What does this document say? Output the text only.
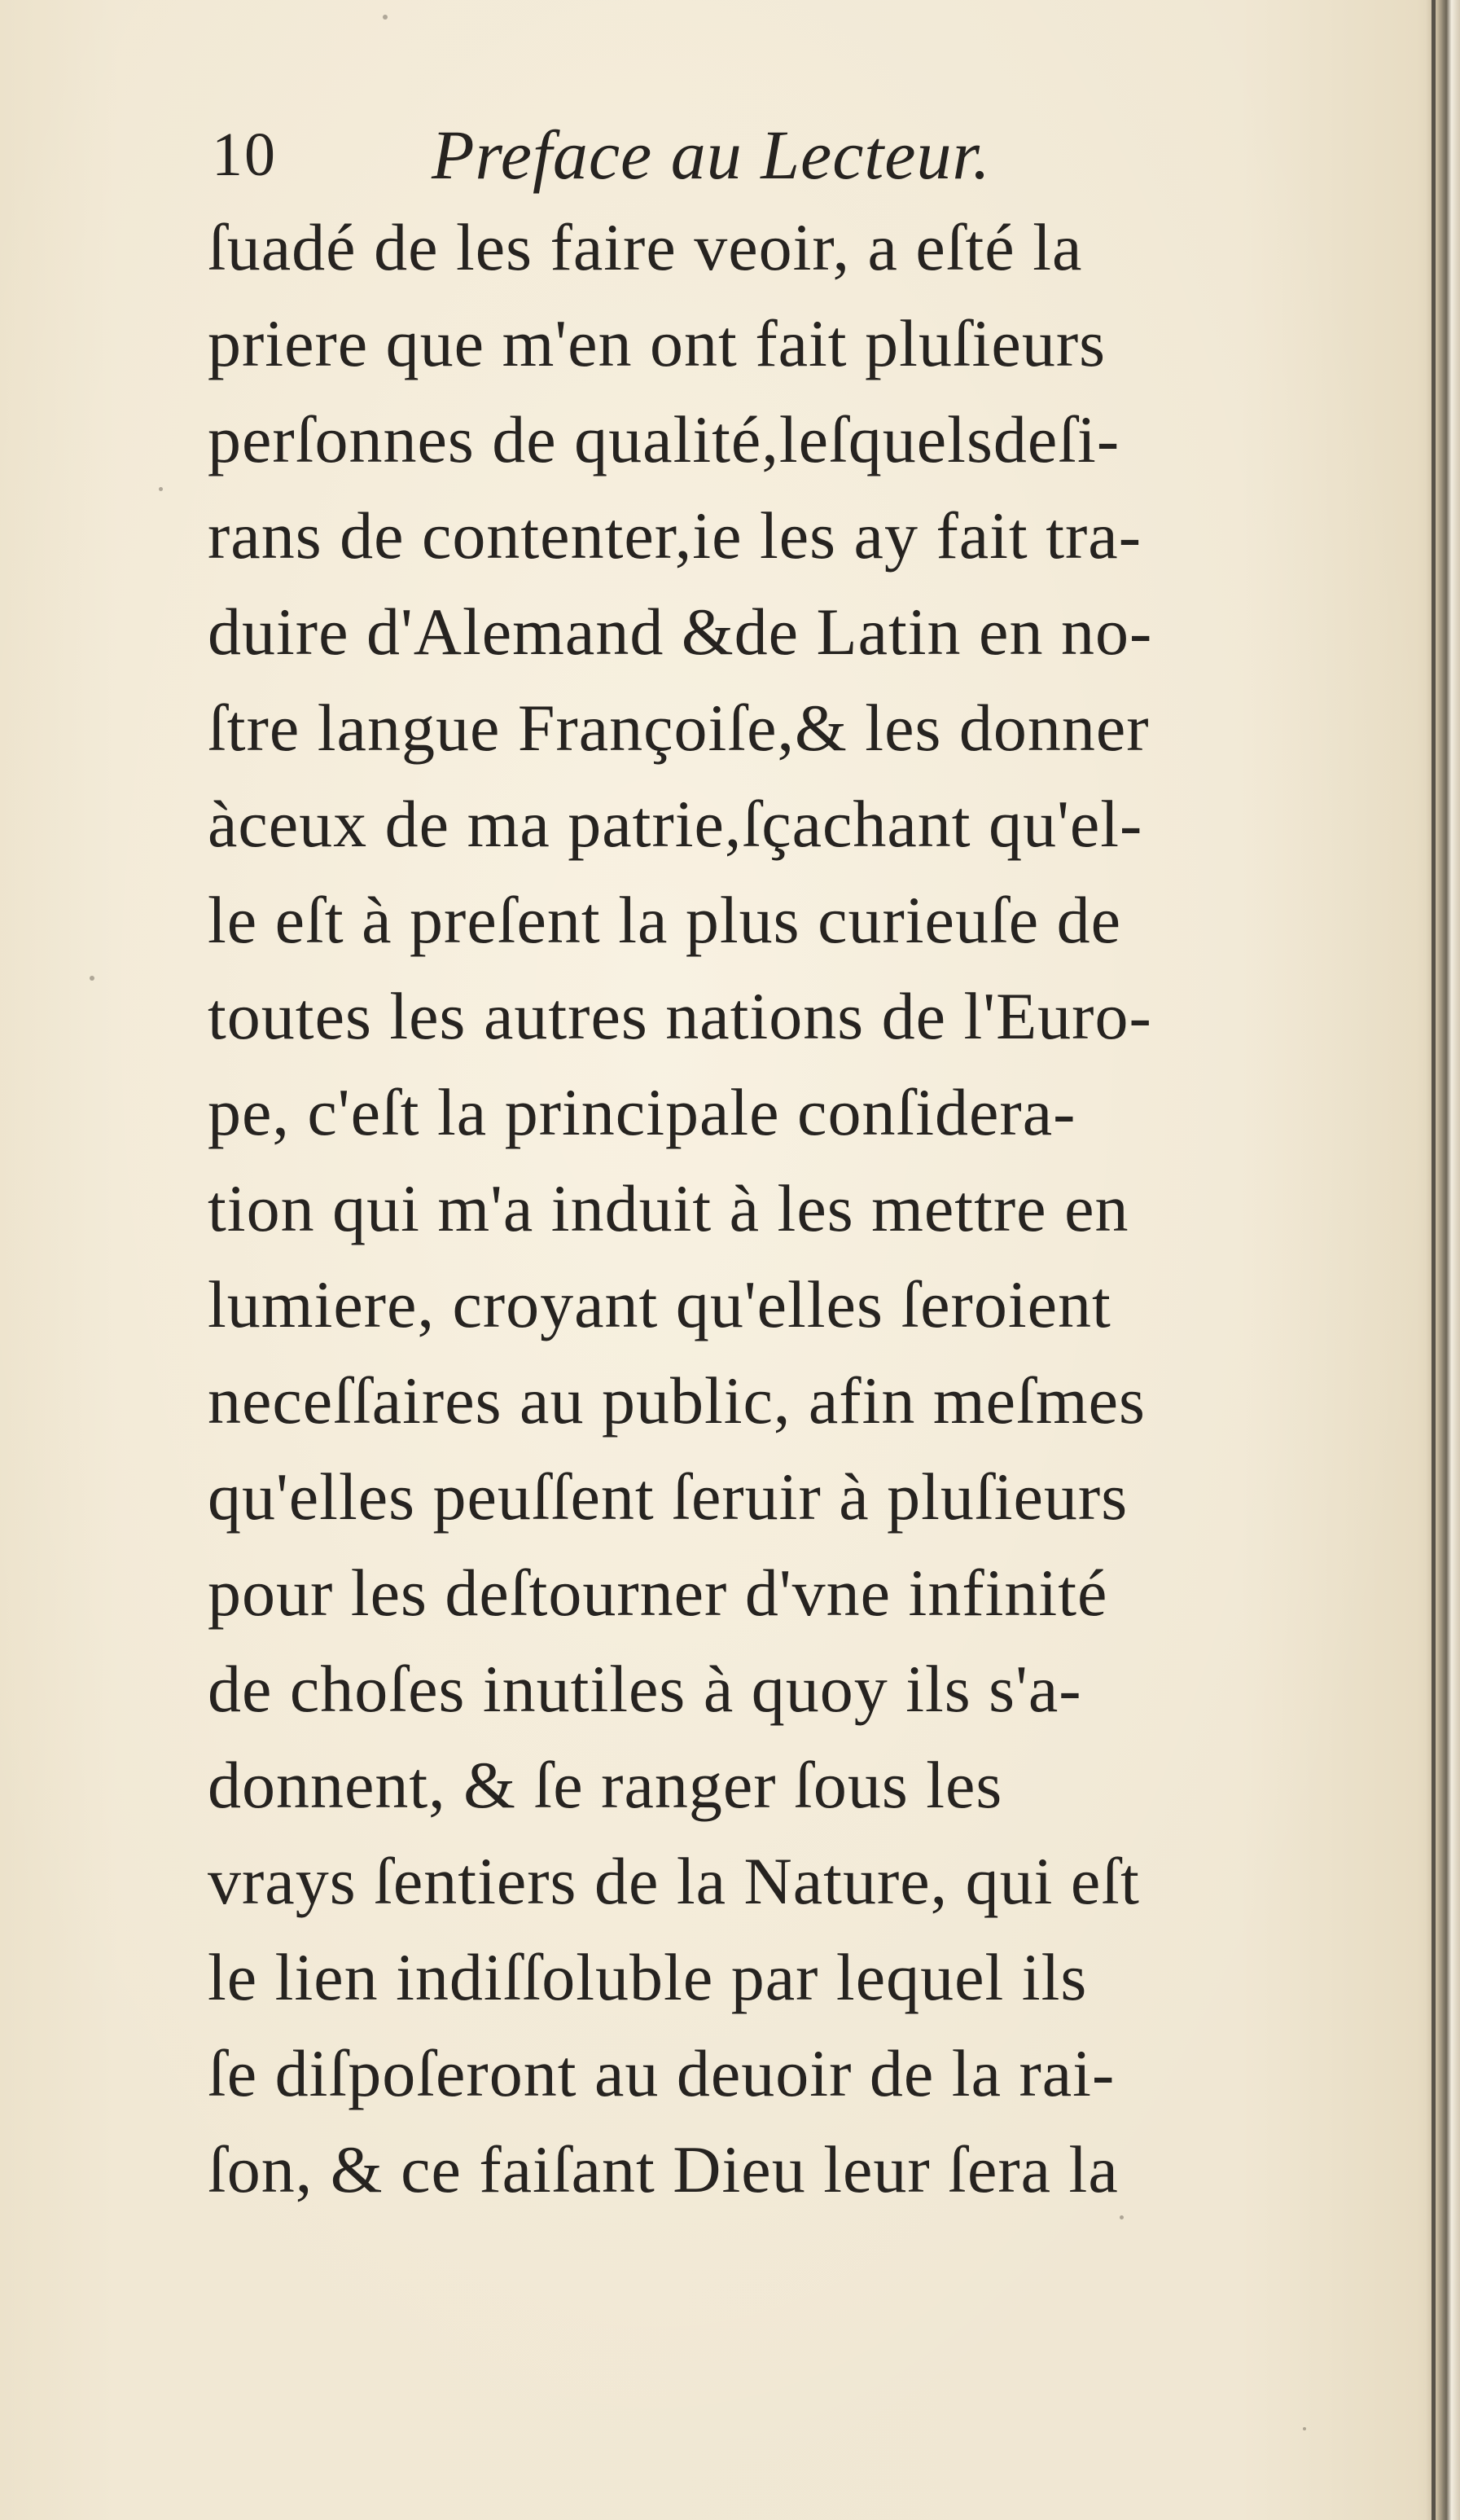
10 Preface au Lecteur.
ſuadé de les faire veoir, a eſté la
priere que m'en ont fait pluſieurs
perſonnes de qualité,leſquelsdeſi-
rans de contenter,ie les ay fait tra-
duire d'Alemand &de Latin en no-
ſtre langue Françoiſe,& les donner
àceux de ma patrie,ſçachant qu'el-
le eſt à preſent la plus curieuſe de
toutes les autres nations de l'Euro-
pe, c'eſt la principale conſidera-
tion qui m'a induit à les mettre en
lumiere, croyant qu'elles ſeroient
neceſſaires au public, afin meſmes
qu'elles peuſſent ſeruir à pluſieurs
pour les deſtourner d'vne infinité
de choſes inutiles à quoy ils s'a-
donnent, & ſe ranger ſous les
vrays ſentiers de la Nature, qui eſt
le lien indiſſoluble par lequel ils
ſe diſpoſeront au deuoir de la rai-
ſon, & ce faiſant Dieu leur ſera la
